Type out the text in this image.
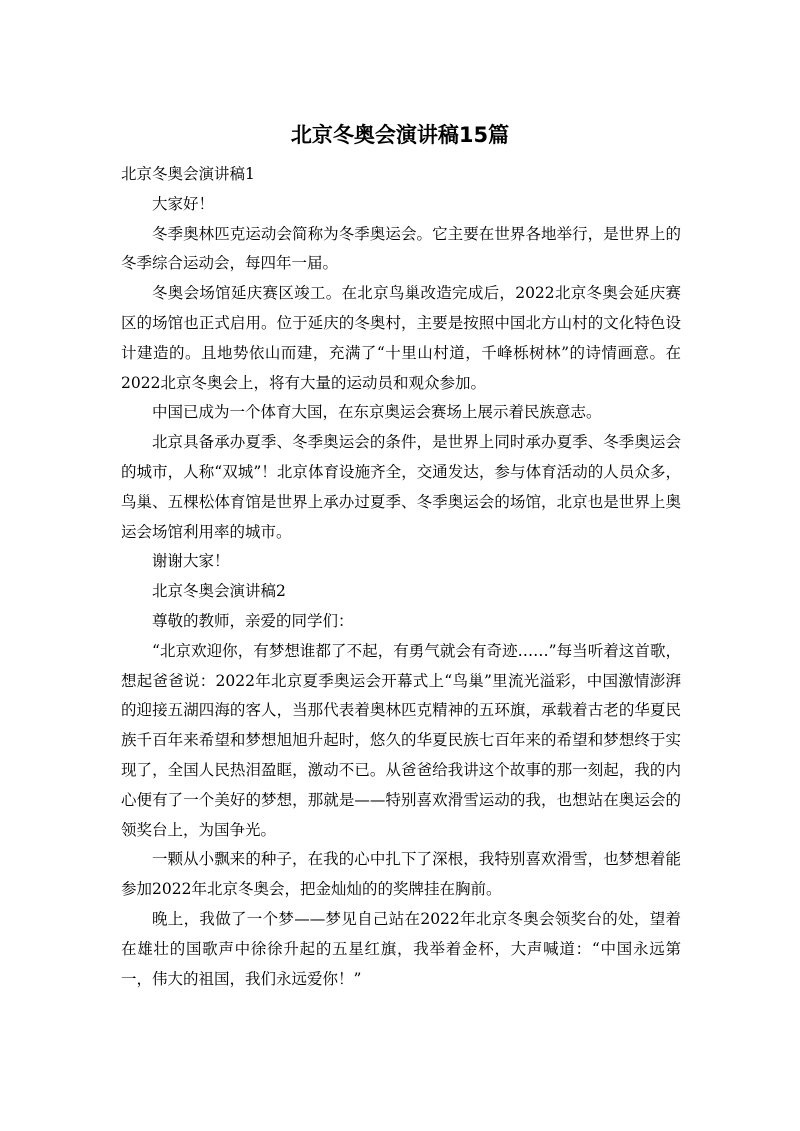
北京冬奥会演讲稿15篇

北京冬奥会演讲稿1

大家好！

冬季奥林匹克运动会简称为冬季奥运会。它主要在世界各地举行，是世界上的冬季综合运动会，每四年一届。

冬奥会场馆延庆赛区竣工。在北京鸟巢改造完成后，2022北京冬奥会延庆赛区的场馆也正式启用。位于延庆的冬奥村，主要是按照中国北方山村的文化特色设计建造的。且地势依山而建，充满了“十里山村道，千峰栎树林”的诗情画意。在2022北京冬奥会上，将有大量的运动员和观众参加。

中国已成为一个体育大国，在东京奥运会赛场上展示着民族意志。

北京具备承办夏季、冬季奥运会的条件，是世界上同时承办夏季、冬季奥运会的城市，人称“双城”！北京体育设施齐全，交通发达，参与体育活动的人员众多，鸟巢、五棵松体育馆是世界上承办过夏季、冬季奥运会的场馆，北京也是世界上奥运会场馆利用率的城市。

谢谢大家！

北京冬奥会演讲稿2

尊敬的教师，亲爱的同学们：

“北京欢迎你，有梦想谁都了不起，有勇气就会有奇迹……”每当听着这首歌，想起爸爸说：2022年北京夏季奥运会开幕式上“鸟巢”里流光溢彩，中国激情澎湃的迎接五湖四海的客人，当那代表着奥林匹克精神的五环旗，承载着古老的华夏民族千百年来希望和梦想旭旭升起时，悠久的华夏民族七百年来的希望和梦想终于实现了，全国人民热泪盈眶，激动不已。从爸爸给我讲这个故事的那一刻起，我的内心便有了一个美好的梦想，那就是——特别喜欢滑雪运动的我，也想站在奥运会的领奖台上，为国争光。

一颗从小飘来的种子，在我的心中扎下了深根，我特别喜欢滑雪，也梦想着能参加2022年北京冬奥会，把金灿灿的的奖牌挂在胸前。

晚上，我做了一个梦——梦见自己站在2022年北京冬奥会领奖台的处，望着在雄壮的国歌声中徐徐升起的五星红旗，我举着金杯，大声喊道：“中国永远第一，伟大的祖国，我们永远爱你！”
